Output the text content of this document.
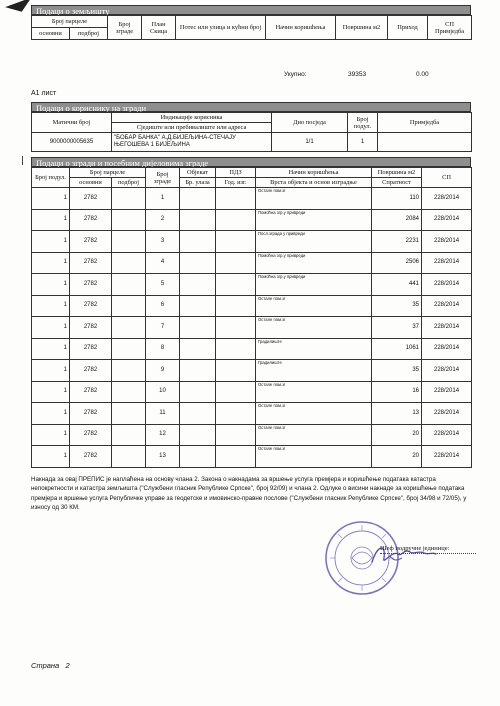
Подаци о земљишту
Број парцеле		Број зграде	План Скица	Потес или улица и кућни број	Начин коришћења	Површина м2	Приход	СП Примједба
основни	подброј							
Укупно:	39353	0.00
А1 лист
Подаци о кориснику на згради
Матични број	Индикације корисника	Дио посједа	Број подул.	Примједба
	Сједиште или пребивалиште или адреса			
9000000005635	"БОБАР БАНКА" А.Д.БИЈЕЉИНА-СТЕЧАЈУ
ЊЕГОШЕВА 1 БИЈЕЉИНА	1/1	1	
Подаци о згради и посебним дијеловима зграде
Број подул.	Број парцеле		Број зграде	Објекат	ПДЗ	Начин коришћења	Површина м2	СП
	основни	подброј		Бр. улаза	Год. изг.	Врста објекта и основ изградње	Спратност	
1	2782		1			Остале пом.зг	110	228/2014
1	2782		2			Помоћна згр.у привреди	2084	228/2014
1	2782		3			Посл.зграда у привреди	2231	228/2014
1	2782		4			Помоћна згр.у привреди	2506	228/2014
1	2782		5			Помоћна згр.у привреди	441	228/2014
1	2782		6			Остале пом.зг	35	228/2014
1	2782		7			Остале пом.зг	37	228/2014
1	2782		8			Градилиште	1061	228/2014
1	2782		9			Градилиште	35	228/2014
1	2782		10			Остале пом.зг	16	228/2014
1	2782		11			Остале пом.зг	13	228/2014
1	2782		12			Остале пом.зг	20	228/2014
1	2782		13			Остале пом.зг	20	228/2014
Накнада за овај ПРЕПИС је наплаћена на основу члана 2. Закона о накнадама за вршење услуга премјера и коришћење података катастра непокретности и катастра земљишта ("Службени гласник Републике Српске", број 92/09) и члана 2. Одлуке о висини накнаде за коришћење података премјера и вршење услуга Републичке управе за геодетске и имовинско-правне послове ("Службени гласник Републике Српске", број 34/98 и 72/05), у износу од 30 КМ.
Шеф подручне јединице:
Страна 2
